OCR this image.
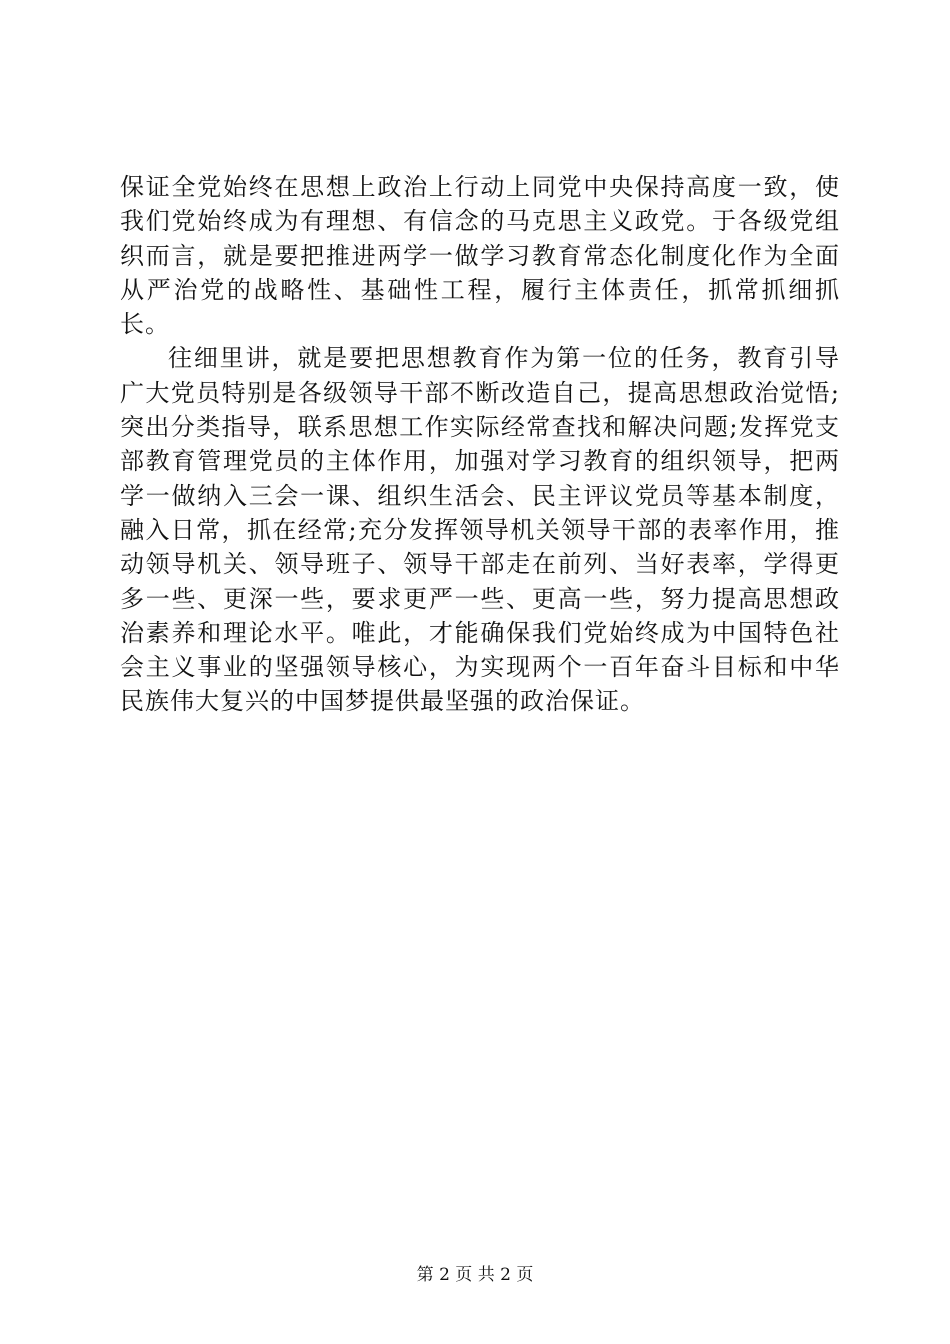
保证全党始终在思想上政治上行动上同党中央保持高度一致，使我们党始终成为有理想、有信念的马克思主义政党。于各级党组织而言，就是要把推进两学一做学习教育常态化制度化作为全面从严治党的战略性、基础性工程，履行主体责任，抓常抓细抓长。

往细里讲，就是要把思想教育作为第一位的任务，教育引导广大党员特别是各级领导干部不断改造自己，提高思想政治觉悟;突出分类指导，联系思想工作实际经常查找和解决问题;发挥党支部教育管理党员的主体作用，加强对学习教育的组织领导，把两学一做纳入三会一课、组织生活会、民主评议党员等基本制度，融入日常，抓在经常;充分发挥领导机关领导干部的表率作用，推动领导机关、领导班子、领导干部走在前列、当好表率，学得更多一些、更深一些，要求更严一些、更高一些，努力提高思想政治素养和理论水平。唯此，才能确保我们党始终成为中国特色社会主义事业的坚强领导核心，为实现两个一百年奋斗目标和中华民族伟大复兴的中国梦提供最坚强的政治保证。

第 2 页 共 2 页
